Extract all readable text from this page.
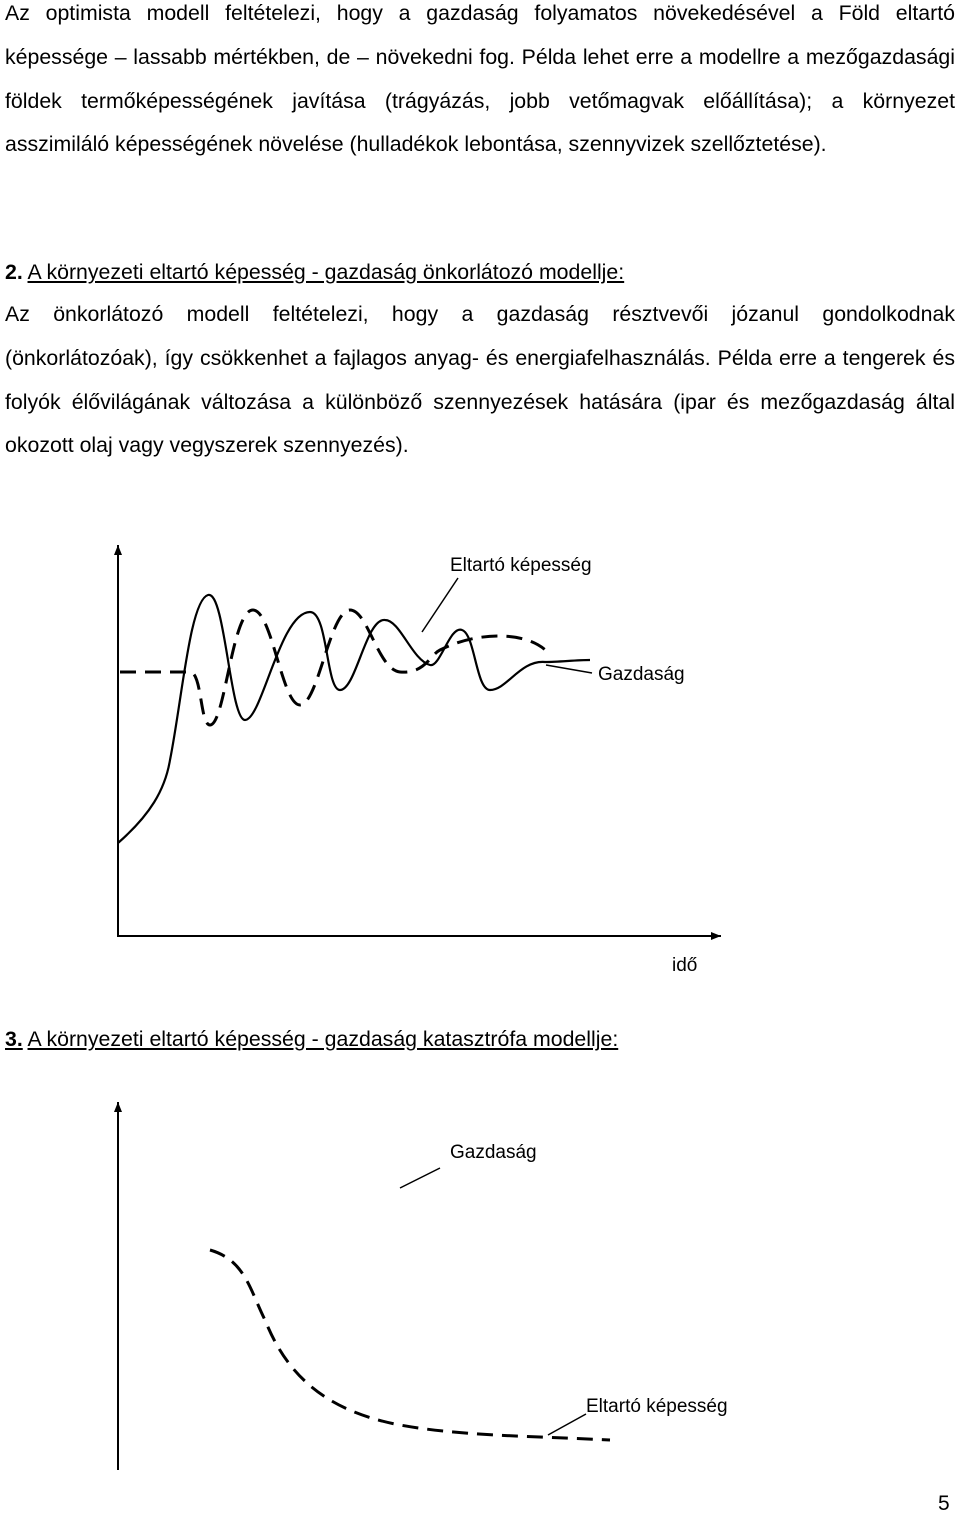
Az optimista modell feltételezi, hogy a gazdaság folyamatos növekedésével a Föld eltartó képessége – lassabb mértékben, de – növekedni fog. Példa lehet erre a modellre a mezőgazdasági földek termőképességének javítása (trágyázás, jobb vetőmagvak előállítása); a környezet asszimiláló képességének növelése (hulladékok lebontása, szennyvizek szellőztetése).

2. A környezeti eltartó képesség - gazdaság önkorlátozó modellje:

Az önkorlátozó modell feltételezi, hogy a gazdaság résztvevői józanul gondolkodnak (önkorlátozóak), így csökkenhet a fajlagos anyag- és energiafelhasználás. Példa erre a tengerek és folyók élővilágának változása a különböző szennyezések hatására (ipar és mezőgazdaság által okozott olaj vagy vegyszerek szennyezés).

Eltartó képesség
Gazdaság
idő
3. A környezeti eltartó képesség - gazdaság katasztrófa modellje:
Gazdaság
Eltartó képesség
5
